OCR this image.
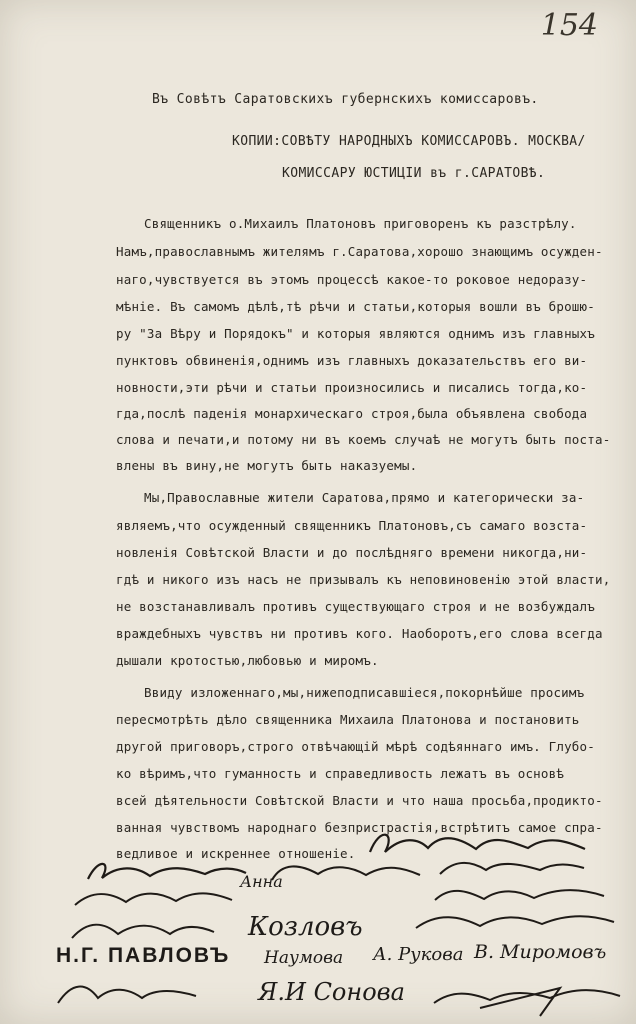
154
Въ Совѣтъ Саратовскихъ губернскихъ комиссаровъ.
КОПИИ:СОВѢТУ НАРОДНЫХЪ КОМИССАРОВЪ. МОСКВА/
КОМИССАРУ ЮСТИЦІИ въ г.САРАТОВѢ.
Священникъ о.Михаилъ Платоновъ приговоренъ къ разстрѣлу.
Намъ,православнымъ жителямъ г.Саратова,хорошо знающимъ осужден-
наго,чувствуется въ этомъ процессѣ какое-то роковое недоразу-
мѣніе. Въ самомъ дѣлѣ,тѣ рѣчи и статьи,которыя вошли въ брошю-
ру "За Вѣру и Порядокъ" и которыя являются однимъ изъ главныхъ
пунктовъ обвиненія,однимъ изъ главныхъ доказательствъ его ви-
новности,эти рѣчи и статьи произносились и писались тогда,ко-
гда,послѣ паденія монархическаго строя,была объявлена свобода
слова и печати,и потому ни въ коемъ случаѣ не могутъ быть поста-
влены въ вину,не могутъ быть наказуемы.
Мы,Православные жители Саратова,прямо и категорически за-
являемъ,что осужденный священникъ Платоновъ,съ самаго возста-
новленія Совѣтской Власти и до послѣдняго времени никогда,ни-
гдѣ и никого изъ насъ не призывалъ къ неповиновенію этой власти,
не возстанавливалъ противъ существующаго строя и не возбуждалъ
враждебныхъ чувствъ ни противъ кого. Наоборотъ,его слова всегда
дышали кротостью,любовью и миромъ.
Ввиду изложеннаго,мы,нижеподписавшіеся,покорнѣйше просимъ
пересмотрѣть дѣло священника Михаила Платонова и постановить
другой приговоръ,строго отвѣчающій мѣрѣ содѣяннаго имъ. Глубо-
ко вѣримъ,что гуманность и справедливость лежатъ въ основѣ
всей дѣятельности Совѣтской Власти и что наша просьба,продикто-
ванная чувствомъ народнаго безпристрастія,встрѣтитъ самое спра-
ведливое и искреннее отношеніе.
Н.Г. ПАВЛОВЪ Наумова А. Рукова В. Миромовъ
Я.И Сонова
Козловъ
Анна
